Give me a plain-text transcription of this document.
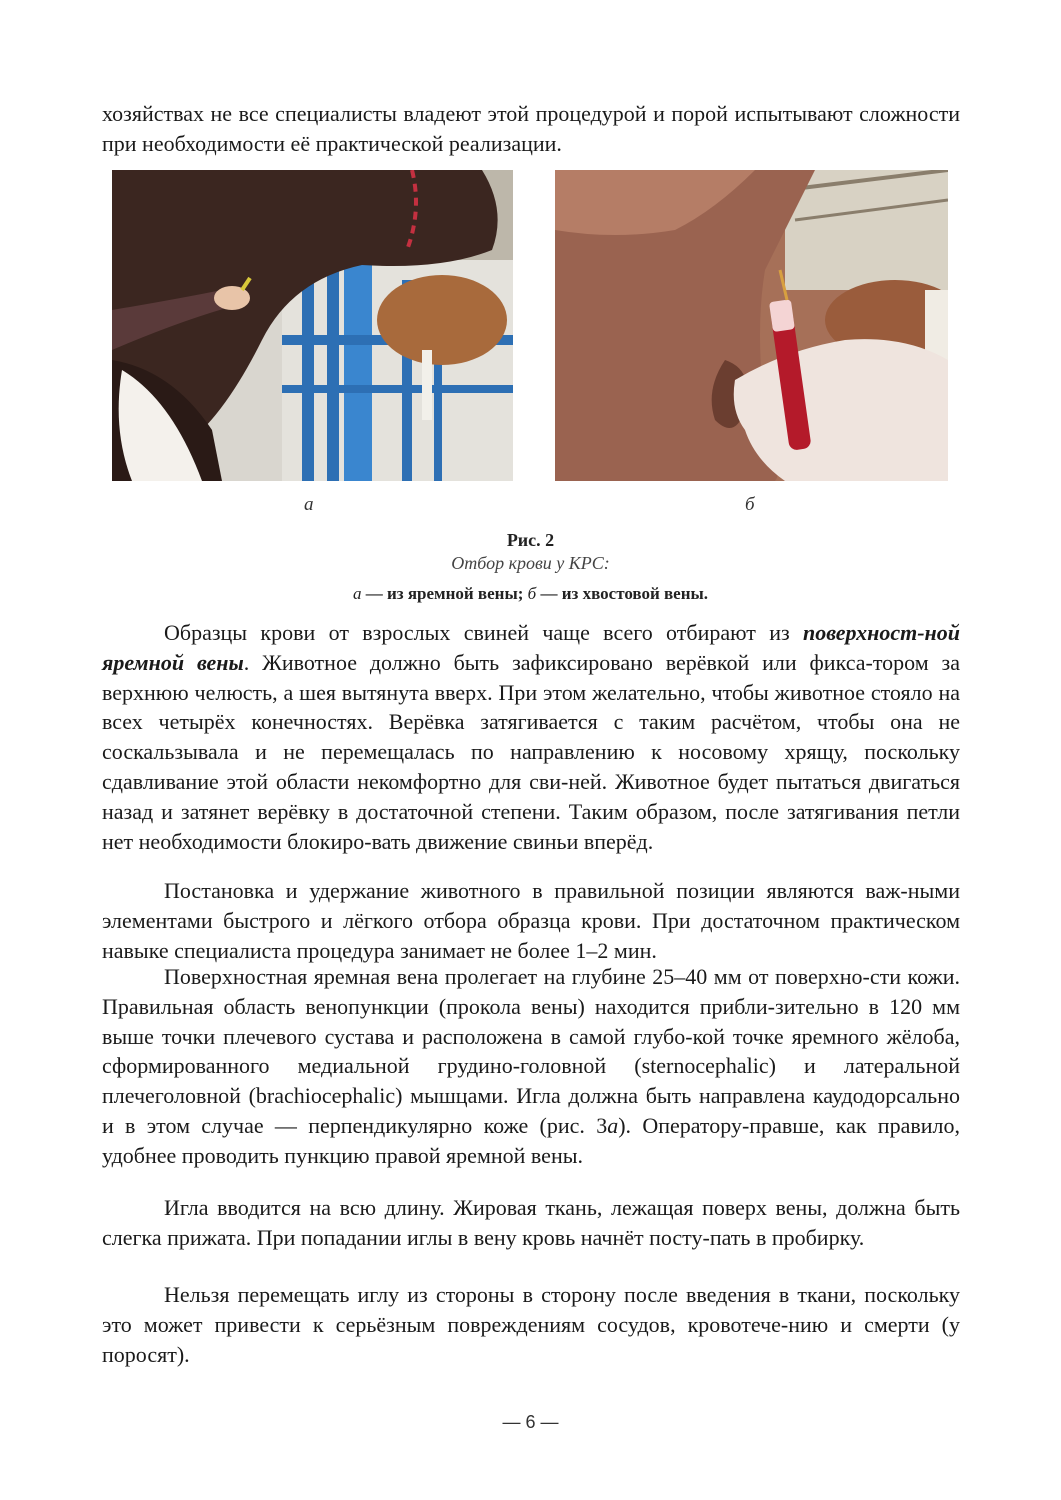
хозяйствах не все специалисты владеют этой процедурой и порой испытывают сложности при необходимости её практической реализации.

а	б
Рис. 2
Отбор крови у КРС:
а — из яремной вены; б — из хвостовой вены.

Образцы крови от взрослых свиней чаще всего отбирают из поверхност-ной яремной вены. Животное должно быть зафиксировано верёвкой или фикса-тором за верхнюю челюсть, а шея вытянута вверх. При этом желательно, чтобы животное стояло на всех четырёх конечностях. Верёвка затягивается с таким расчётом, чтобы она не соскальзывала и не перемещалась по направлению к носовому хрящу, поскольку сдавливание этой области некомфортно для сви-ней. Животное будет пытаться двигаться назад и затянет верёвку в достаточной степени. Таким образом, после затягивания петли нет необходимости блокиро-вать движение свиньи вперёд.

Постановка и удержание животного в правильной позиции являются важ-ными элементами быстрого и лёгкого отбора образца крови. При достаточном практическом навыке специалиста процедура занимает не более 1–2 мин.

Поверхностная яремная вена пролегает на глубине 25–40 мм от поверхно-сти кожи. Правильная область венопункции (прокола вены) находится прибли-зительно в 120 мм выше точки плечевого сустава и расположена в самой глубо-кой точке яремного жёлоба, сформированного медиальной грудино-головной (sternocephalic) и латеральной плечеголовной (brachiocephalic) мышцами. Игла должна быть направлена каудодорсально и в этом случае — перпендикулярно коже (рис. 3а). Оператору-правше, как правило, удобнее проводить пункцию правой яремной вены.

Игла вводится на всю длину. Жировая ткань, лежащая поверх вены, должна быть слегка прижата. При попадании иглы в вену кровь начнёт посту-пать в пробирку.

Нельзя перемещать иглу из стороны в сторону после введения в ткани, поскольку это может привести к серьёзным повреждениям сосудов, кровотече-нию и смерти (у поросят).

— 6 —
